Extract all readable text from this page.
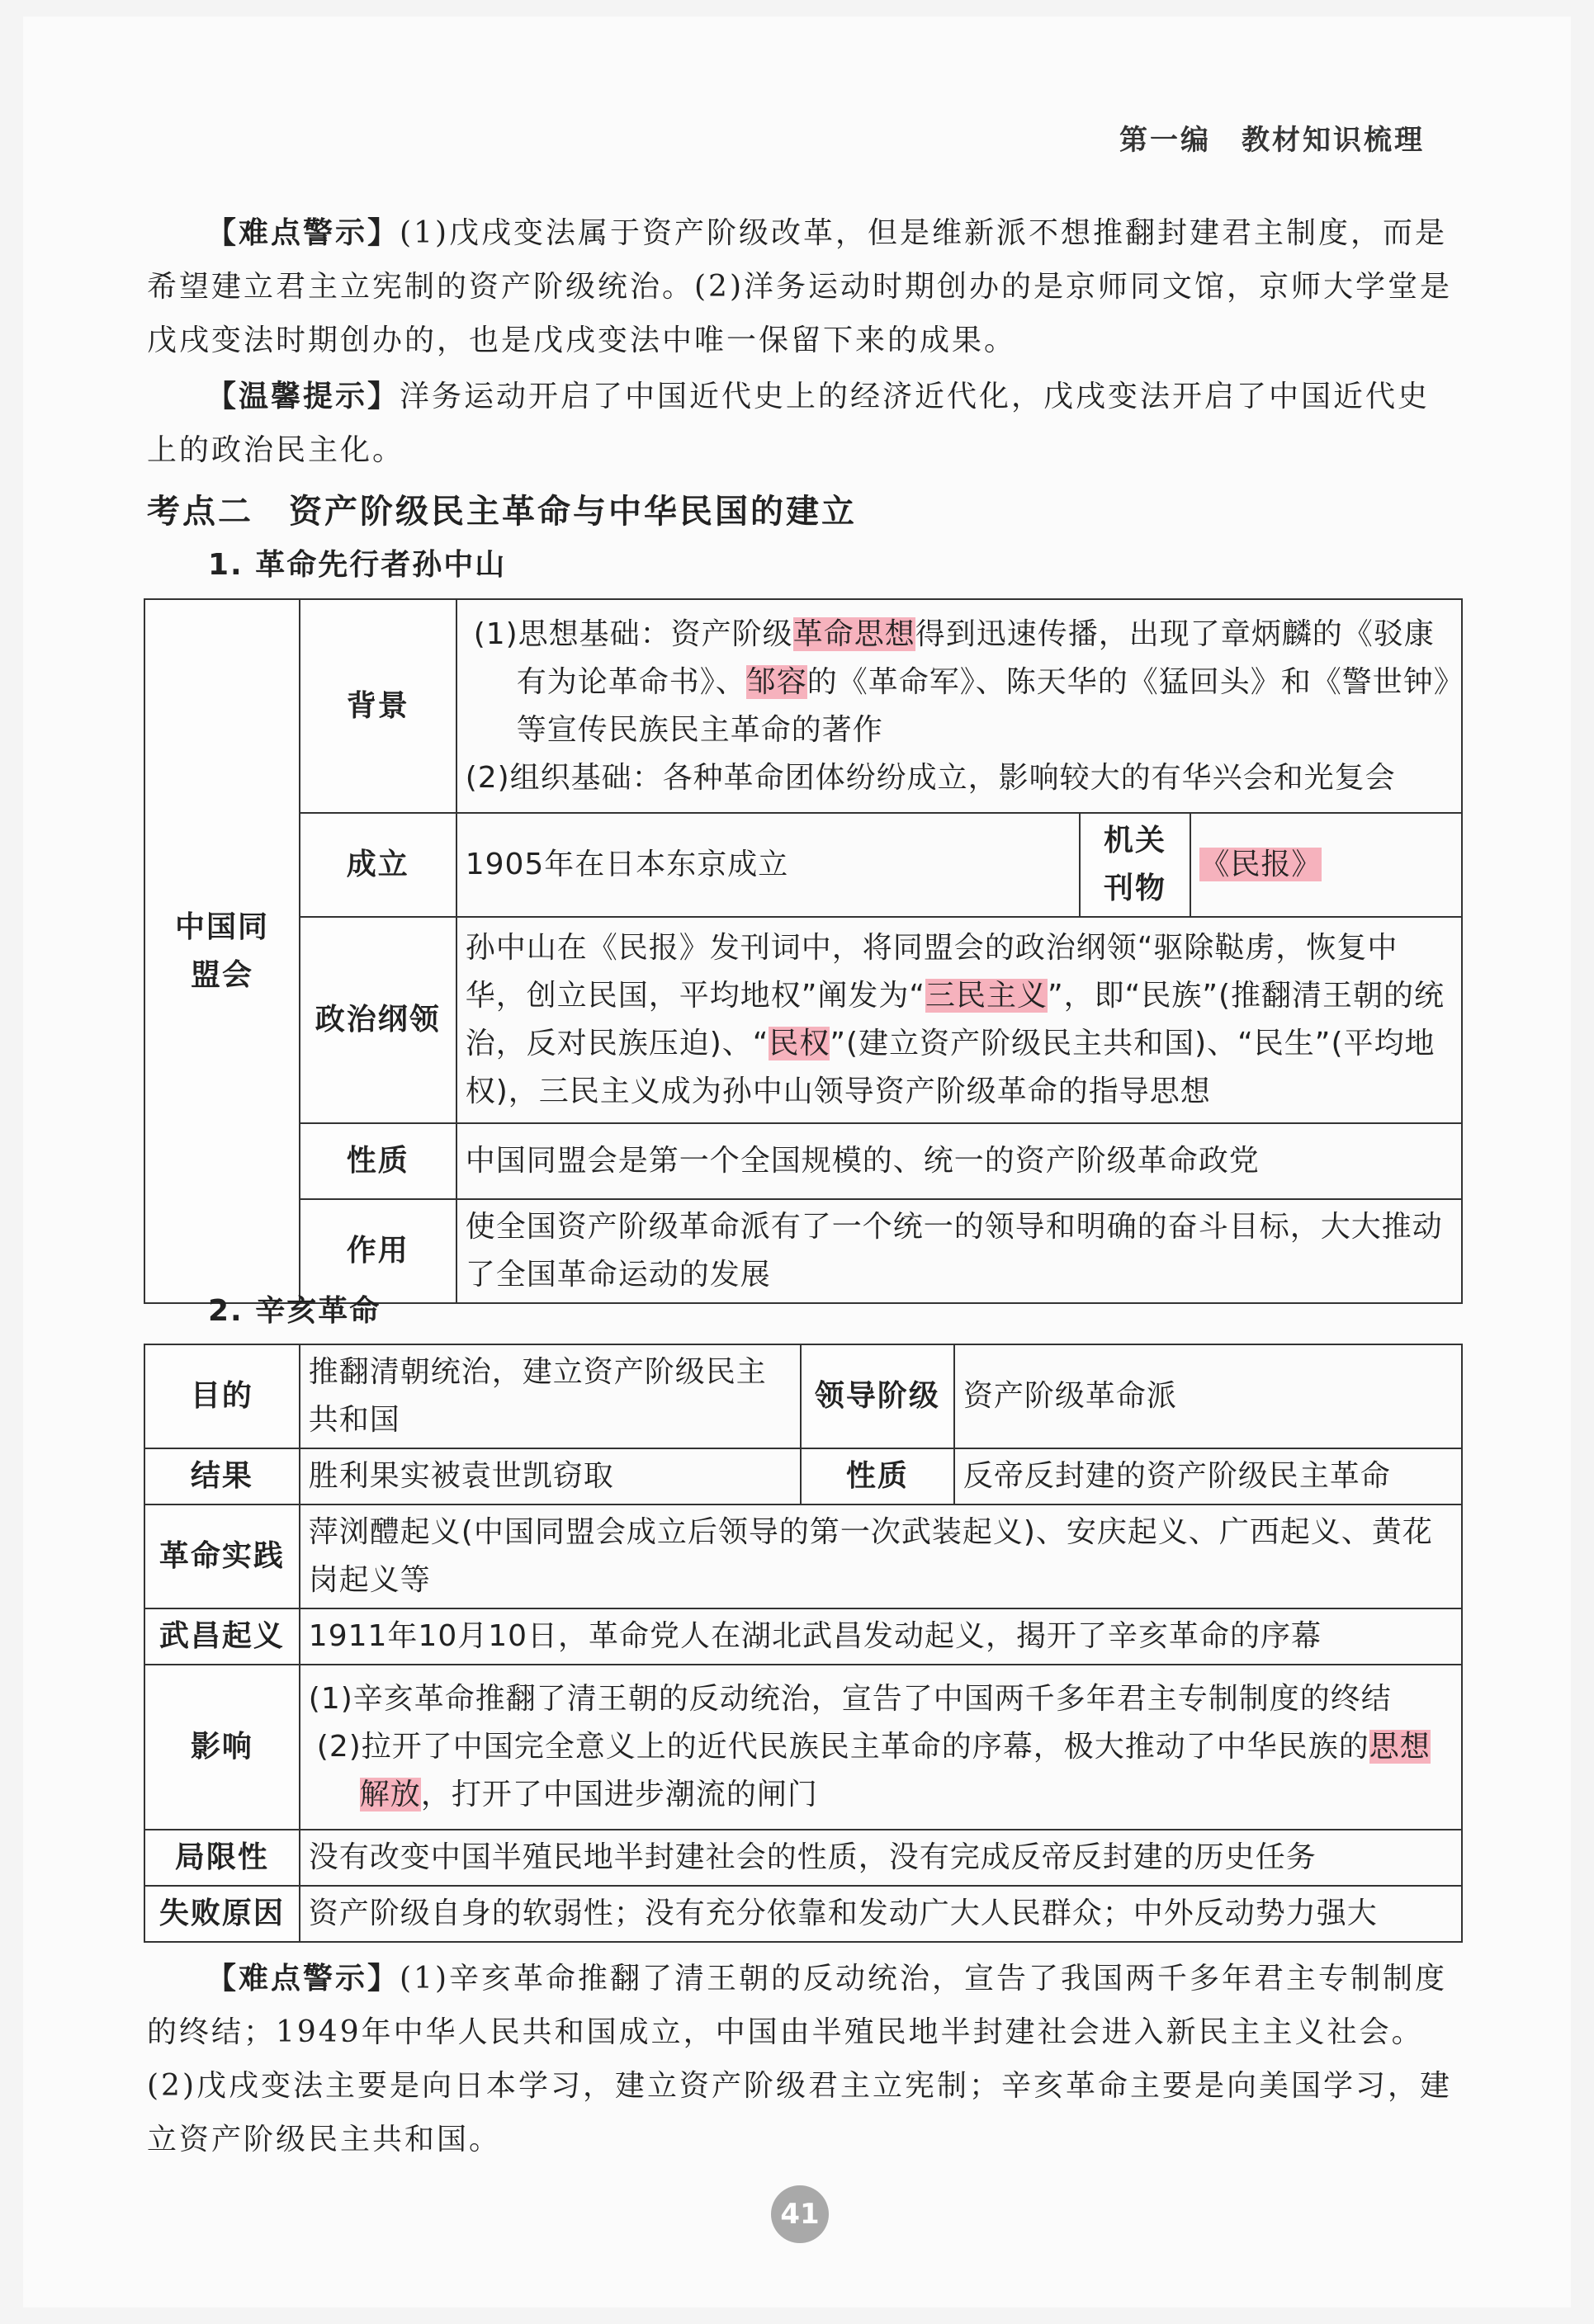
第一编　教材知识梳理
【难点警示】(1)戊戌变法属于资产阶级改革，但是维新派不想推翻封建君主制度，而是希望建立君主立宪制的资产阶级统治。(2)洋务运动时期创办的是京师同文馆，京师大学堂是戊戌变法时期创办的，也是戊戌变法中唯一保留下来的成果。
【温馨提示】洋务运动开启了中国近代史上的经济近代化，戊戌变法开启了中国近代史上的政治民主化。
考点二　资产阶级民主革命与中华民国的建立
1. 革命先行者孙中山
中国同盟会	背景	(1)思想基础：资产阶级革命思想得到迅速传播，出现了章炳麟的《驳康有为论革命书》、邹容的《革命军》、陈天华的《猛回头》和《警世钟》等宣传民族民主革命的著作
(2)组织基础：各种革命团体纷纷成立，影响较大的有华兴会和光复会		

	成立	1905年在日本东京成立	机关刊物	《民报》
	政治纲领	孙中山在《民报》发刊词中，将同盟会的政治纲领“驱除鞑虏，恢复中华，创立民国，平均地权”阐发为“三民主义”，即“民族”(推翻清王朝的统治，反对民族压迫)、“民权”(建立资产阶级民主共和国)、“民生”(平均地权)，三民主义成为孙中山领导资产阶级革命的指导思想		
	性质	中国同盟会是第一个全国规模的、统一的资产阶级革命政党		
	作用	使全国资产阶级革命派有了一个统一的领导和明确的奋斗目标，大大推动了全国革命运动的发展		
2. 辛亥革命
目的	推翻清朝统治，建立资产阶级民主共和国	领导阶级	资产阶级革命派
结果	胜利果实被袁世凯窃取	性质	反帝反封建的资产阶级民主革命
革命实践	萍浏醴起义(中国同盟会成立后领导的第一次武装起义)、安庆起义、广西起义、黄花岗起义等		
武昌起义	1911年10月10日，革命党人在湖北武昌发动起义，揭开了辛亥革命的序幕		
影响	(1)辛亥革命推翻了清王朝的反动统治，宣告了中国两千多年君主专制制度的终结
(2)拉开了中国完全意义上的近代民族民主革命的序幕，极大推动了中华民族的思想解放，打开了中国进步潮流的闸门		

局限性	没有改变中国半殖民地半封建社会的性质，没有完成反帝反封建的历史任务		
失败原因	资产阶级自身的软弱性；没有充分依靠和发动广大人民群众；中外反动势力强大		
【难点警示】(1)辛亥革命推翻了清王朝的反动统治，宣告了我国两千多年君主专制制度的终结；1949年中华人民共和国成立，中国由半殖民地半封建社会进入新民主主义社会。(2)戊戌变法主要是向日本学习，建立资产阶级君主立宪制；辛亥革命主要是向美国学习，建立资产阶级民主共和国。
41
